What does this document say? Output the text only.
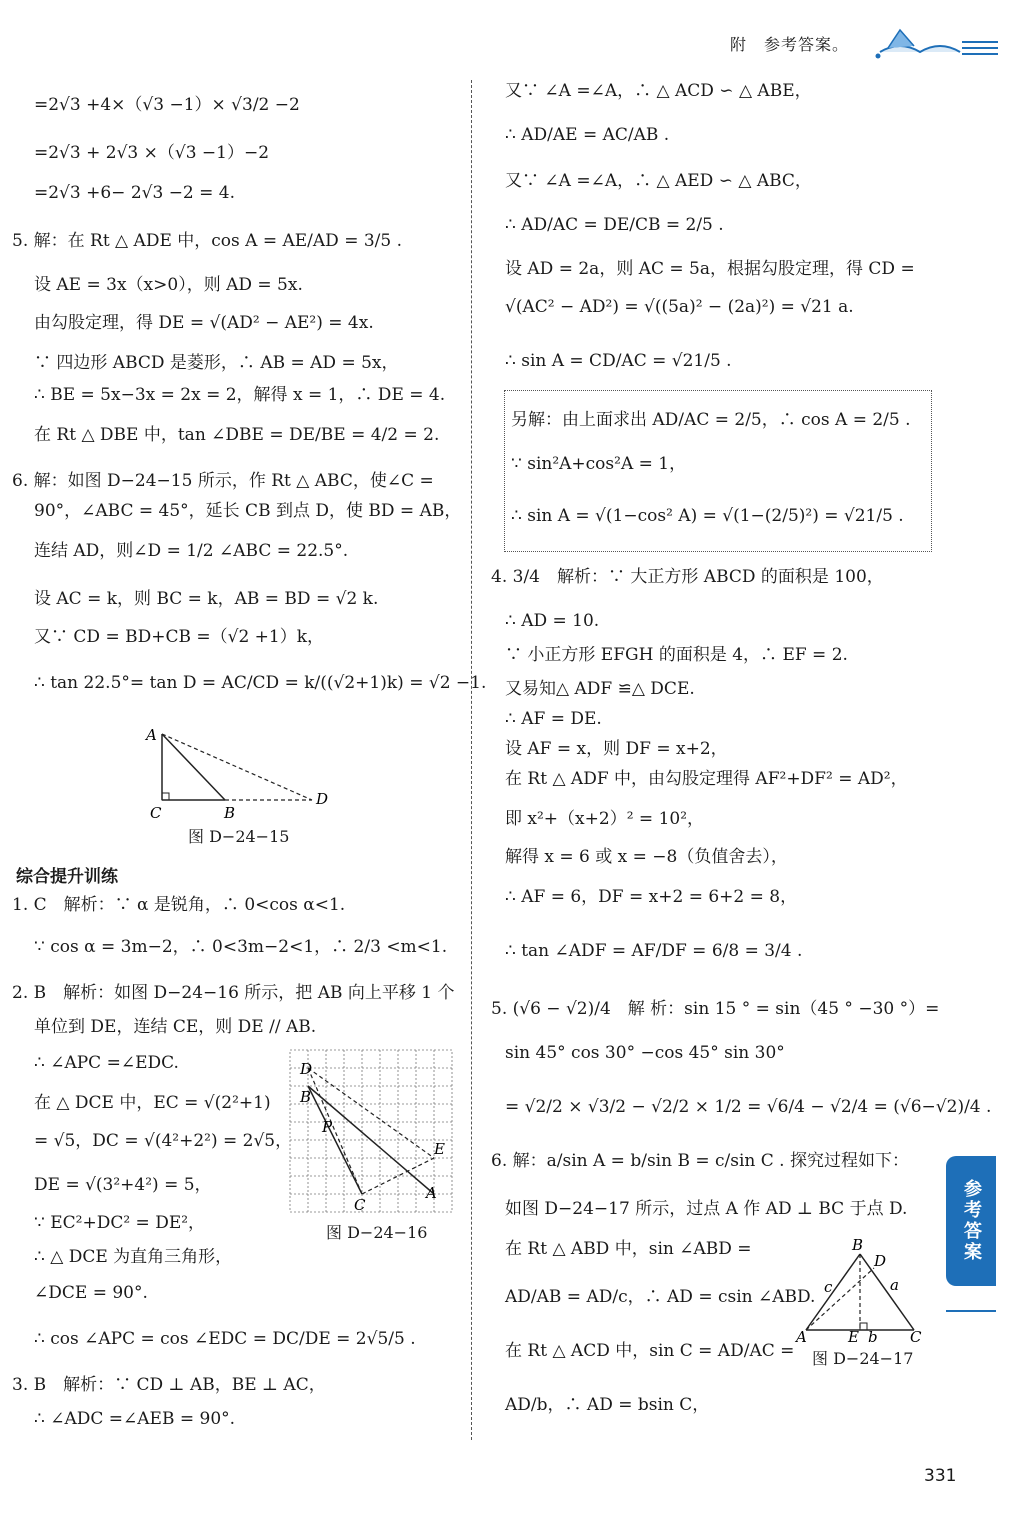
附　 参考答案。
=2√3 +4×（√3 −1）× √3/2 −2
=2√3 + 2√3 ×（√3 −1）−2
=2√3 +6− 2√3 −2 = 4.
5. 解：在 Rt △ ADE 中，cos A = AE/AD = 3/5 .
设 AE = 3x（x>0），则 AD = 5x.
由勾股定理，得 DE = √(AD² − AE²) = 4x.
∵ 四边形 ABCD 是菱形，∴ AB = AD = 5x，
∴ BE = 5x−3x = 2x = 2，解得 x = 1，∴ DE = 4.
在 Rt △ DBE 中，tan ∠DBE = DE/BE = 4/2 = 2.
6. 解：如图 D−24−15 所示，作 Rt △ ABC，使∠C =
90°，∠ABC = 45°，延长 CB 到点 D，使 BD = AB，
连结 AD，则∠D = 1/2 ∠ABC = 22.5°.
设 AC = k，则 BC = k，AB = BD = √2 k.
又∵ CD = BD+CB =（√2 +1）k，
∴ tan 22.5°= tan D = AC/CD = k/((√2+1)k) = √2 −1.
A
C	B
D
图 D−24−15
综合提升训练
1. C　解析：∵ α 是锐角，∴ 0<cos α<1.
∵ cos α = 3m−2，∴ 0<3m−2<1，∴ 2/3 <m<1.
2. B　解析：如图 D−24−16 所示，把 AB 向上平移 1 个
单位到 DE，连结 CE，则 DE // AB.
∴ ∠APC =∠EDC.
在 △ DCE 中，EC = √(2²+1)
= √5，DC = √(4²+2²) = 2√5，
DE = √(3²+4²) = 5，
∵ EC²+DC² = DE²，
∴ △ DCE 为直角三角形，
∠DCE = 90°.
∴ cos ∠APC = cos ∠EDC = DC/DE = 2√5/5 .
3. B　解析：∵ CD ⊥ AB，BE ⊥ AC，
∴ ∠ADC =∠AEB = 90°.
D
B
P
E
C
A
图 D−24−16
又∵ ∠A =∠A，∴ △ ACD ∽ △ ABE，
∴ AD/AE = AC/AB .
又∵ ∠A =∠A，∴ △ AED ∽ △ ABC，
∴ AD/AC = DE/CB = 2/5 .
设 AD = 2a，则 AC = 5a，根据勾股定理，得 CD =
√(AC² − AD²) = √((5a)² − (2a)²) = √21 a.
∴ sin A = CD/AC = √21/5 .
另解：由上面求出 AD/AC = 2/5，∴ cos A = 2/5 .
∵ sin²A+cos²A = 1，
∴ sin A = √(1−cos² A) = √(1−(2/5)²) = √21/5 .
4. 3/4　解析：∵ 大正方形 ABCD 的面积是 100，
∴ AD = 10.
∵ 小正方形 EFGH 的面积是 4，∴ EF = 2.
又易知△ ADF ≌△ DCE.
∴ AF = DE.
设 AF = x，则 DF = x+2，
在 Rt △ ADF 中，由勾股定理得 AF²+DF² = AD²，
即 x²+（x+2）² = 10²，
解得 x = 6 或 x = −8（负值舍去），
∴ AF = 6，DF = x+2 = 6+2 = 8，
∴ tan ∠ADF = AF/DF = 6/8 = 3/4 .
5. (√6 − √2)/4　解 析：sin 15 ° = sin（45 ° −30 °）=
sin 45° cos 30° −cos 45° sin 30°
= √2/2 × √3/2 − √2/2 × 1/2 = √6/4 − √2/4 = (√6−√2)/4 .
6. 解：a/sin A = b/sin B = c/sin C . 探究过程如下：
如图 D−24−17 所示，过点 A 作 AD ⊥ BC 于点 D.
在 Rt △ ABD 中，sin ∠ABD =
AD/AB = AD/c，∴ AD = csin ∠ABD.
在 Rt △ ACD 中，sin C = AD/AC =
AD/b，∴ AD = bsin C，
B
D
c	a
A	E b C
图 D−24−17
参考答案
331
